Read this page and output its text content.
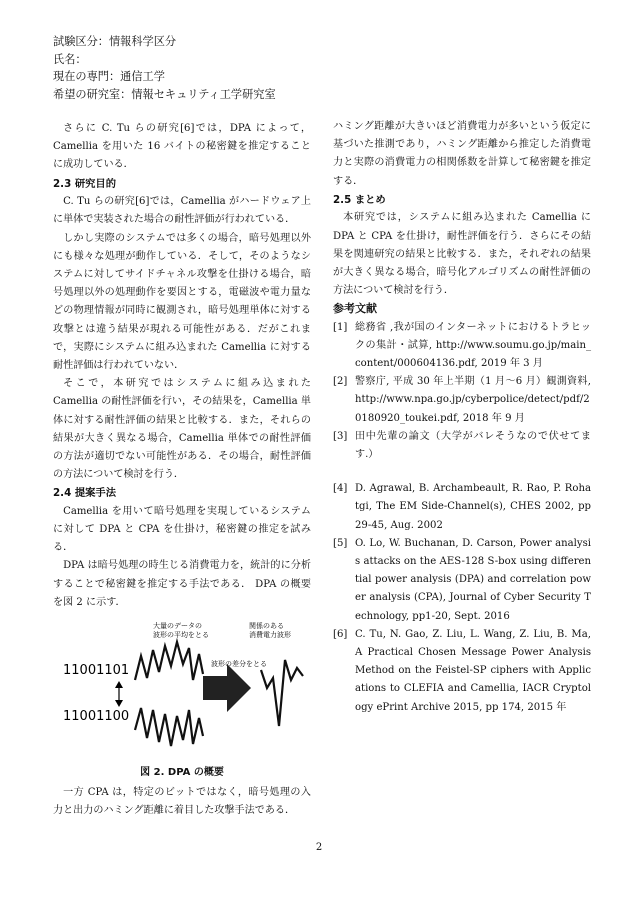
試験区分：情報科学区分
氏名：
現在の専門：通信工学
希望の研究室：情報セキュリティ工学研究室

さらに C. Tu らの研究[6]では，DPA によって，Camellia を用いた 16 バイトの秘密鍵を推定することに成功している．

2.3 研究目的

C. Tu らの研究[6]では，Camellia がハードウェア上に単体で実装された場合の耐性評価が行われている．

しかし実際のシステムでは多くの場合，暗号処理以外にも様々な処理が動作している．そして，そのようなシステムに対してサイドチャネル攻撃を仕掛ける場合，暗号処理以外の処理動作を要因とする，電磁波や電力量などの物理情報が同時に観測され，暗号処理単体に対する攻撃とは違う結果が現れる可能性がある．だがこれまで，実際にシステムに組み込まれた Camellia に対する耐性評価は行われていない．

そこで，本研究ではシステムに組み込まれた Camellia の耐性評価を行い，その結果を，Camellia 単体に対する耐性評価の結果と比較する．また，それらの結果が大きく異なる場合，Camellia 単体での耐性評価の方法が適切でない可能性がある．その場合，耐性評価の方法について検討を行う．

2.4 提案手法

Camellia を用いて暗号処理を実現しているシステムに対して DPA と CPA を仕掛け，秘密鍵の推定を試みる．

DPA は暗号処理の時生じる消費電力を，統計的に分析することで秘密鍵を推定する手法である． DPA の概要を図 2 に示す．

大量のデータの
波形の平均をとる
関係のある
消費電力波形
11001101
11001100
波形の差分をとる

図 2. DPA の概要

一方 CPA は，特定のビットではなく，暗号処理の入力と出力のハミング距離に着目した攻撃手法である．

ハミング距離が大きいほど消費電力が多いという仮定に基づいた推測であり，ハミング距離から推定した消費電力と実際の消費電力の相関係数を計算して秘密鍵を推定する．

2.5 まとめ

本研究では，システムに組み込まれた Camellia に DPA と CPA を仕掛け，耐性評価を行う．さらにその結果を関連研究の結果と比較する．また，それぞれの結果が大きく異なる場合，暗号化アルゴリズムの耐性評価の方法について検討を行う．

参考文献

[1] 総務省 ,我が国のインターネットにおけるトラヒックの集計・試算, http://www.soumu.go.jp/main_content/000604136.pdf, 2019 年 3 月
[2] 警察庁, 平成 30 年上半期（1 月～6 月）観測資料,http://www.npa.go.jp/cyberpolice/detect/pdf/20180920_toukei.pdf, 2018 年 9 月
[3] 田中先輩の論文（大学がバレそうなので伏せてます.）
[4] D. Agrawal, B. Archambeault, R. Rao, P. Rohatgi, The EM Side-Channel(s), CHES 2002, pp29-45, Aug. 2002
[5] O. Lo, W. Buchanan, D. Carson, Power analysis attacks on the AES-128 S-box using differential power analysis (DPA) and correlation power analysis (CPA), Journal of Cyber Security Technology, pp1-20, Sept. 2016
[6] C. Tu, N. Gao, Z. Liu, L. Wang, Z. Liu, B. Ma, A Practical Chosen Message Power Analysis Method on the Feistel-SP ciphers with Applications to CLEFIA and Camellia, IACR Cryptology ePrint Archive 2015, pp 174, 2015 年
2
